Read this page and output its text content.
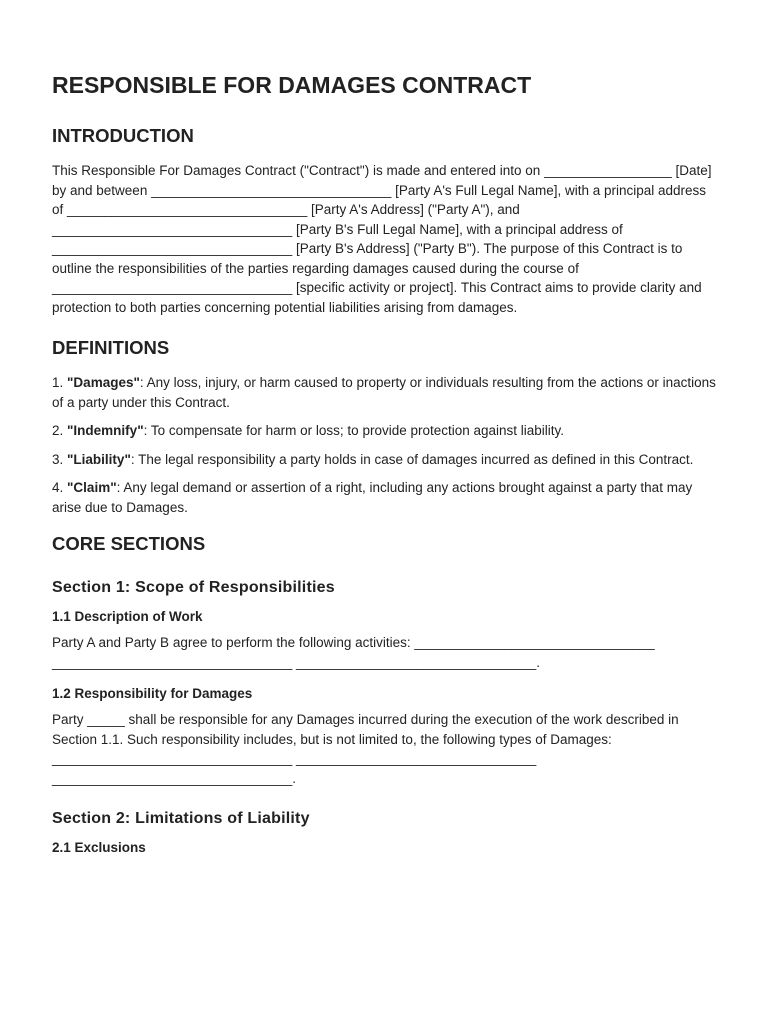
RESPONSIBLE FOR DAMAGES CONTRACT
INTRODUCTION

This Responsible For Damages Contract ("Contract") is made and entered into on _________________ [Date] by and between ________________________________ [Party A's Full Legal Name], with a principal address of ________________________________ [Party A's Address] ("Party A"), and ________________________________ [Party B's Full Legal Name], with a principal address of ________________________________ [Party B's Address] ("Party B"). The purpose of this Contract is to outline the responsibilities of the parties regarding damages caused during the course of ________________________________ [specific activity or project]. This Contract aims to provide clarity and protection to both parties concerning potential liabilities arising from damages.

DEFINITIONS

1. "Damages": Any loss, injury, or harm caused to property or individuals resulting from the actions or inactions of a party under this Contract.

2. "Indemnify": To compensate for harm or loss; to provide protection against liability.

3. "Liability": The legal responsibility a party holds in case of damages incurred as defined in this Contract.

4. "Claim": Any legal demand or assertion of a right, including any actions brought against a party that may arise due to Damages.

CORE SECTIONS
Section 1: Scope of Responsibilities
1.1 Description of Work

Party A and Party B agree to perform the following activities: ________________________________ ________________________________ ________________________________.

1.2 Responsibility for Damages

Party _____ shall be responsible for any Damages incurred during the execution of the work described in Section 1.1. Such responsibility includes, but is not limited to, the following types of Damages: ________________________________ ________________________________ ________________________________.

Section 2: Limitations of Liability
2.1 Exclusions
